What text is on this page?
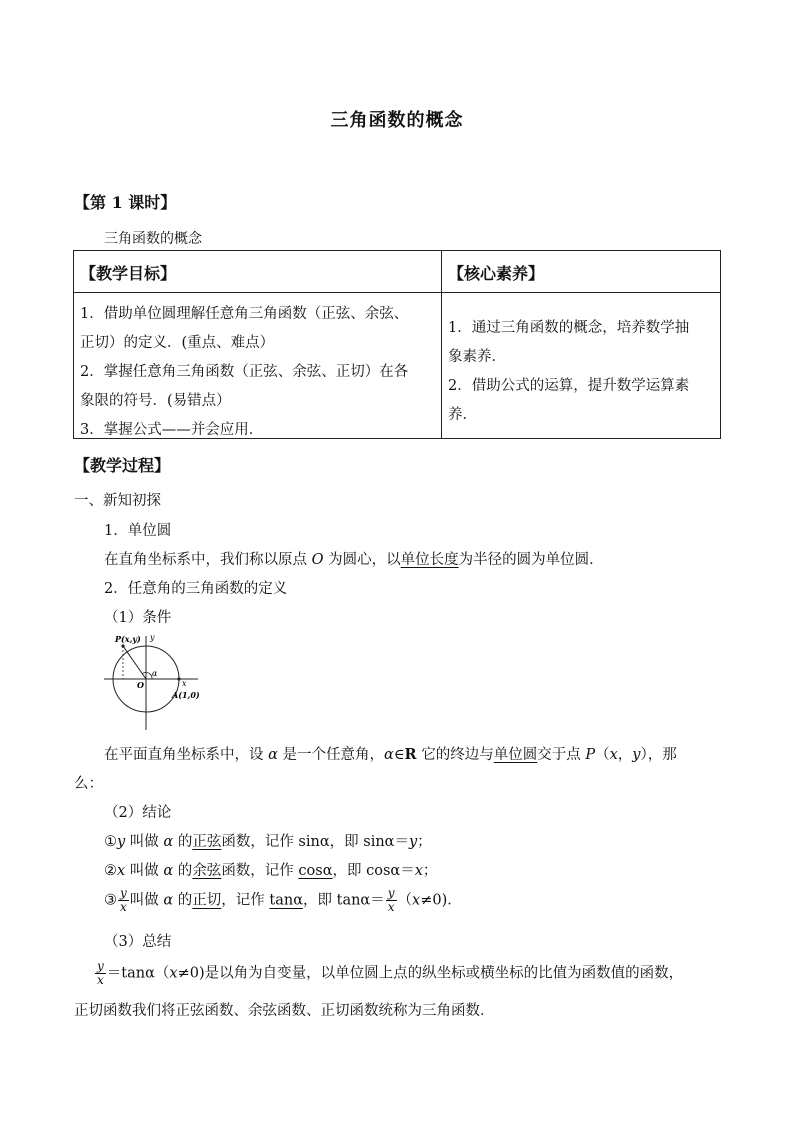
三角函数的概念
【第 1 课时】
三角函数的概念
【教学目标】	【核心素养】
1．借助单位圆理解任意角三角函数（正弦、余弦、
正切）的定义．(重点、难点）
2．掌握任意角三角函数（正弦、余弦、正切）在各
象限的符号．(易错点）
3．掌握公式——并会应用．
1．通过三角函数的概念，培养数学抽
象素养．
2．借助公式的运算，提升数学运算素
养．
【教学过程】
一、新知初探
1．单位圆
在直角坐标系中，我们称以原点 O 为圆心，以单位长度为半径的圆为单位圆．
2．任意角的三角函数的定义
（1）条件
P(x,y) y
α
O	x
A(1,0)
在平面直角坐标系中，设 α 是一个任意角，α∈R 它的终边与单位圆交于点 P（x，y），那
么：
（2）结论
①y 叫做 α 的正弦函数，记作 sinα，即 sinα＝y；
②x 叫做 α 的余弦函数，记作 cosα，即 cosα＝x；
③ $\frac{y}{x}$ 叫做 α 的正切，记作 tanα，即 $\tan\alpha= \frac{y}{x} (x\ne 0)$．
（3）总结
$\frac{y}{x} =\tan\alpha(x\ne 0)$是以角为自变量，以单位圆上点的纵坐标或横坐标的比值为函数值的函数，
正切函数我们将正弦函数、余弦函数、正切函数统称为三角函数．
